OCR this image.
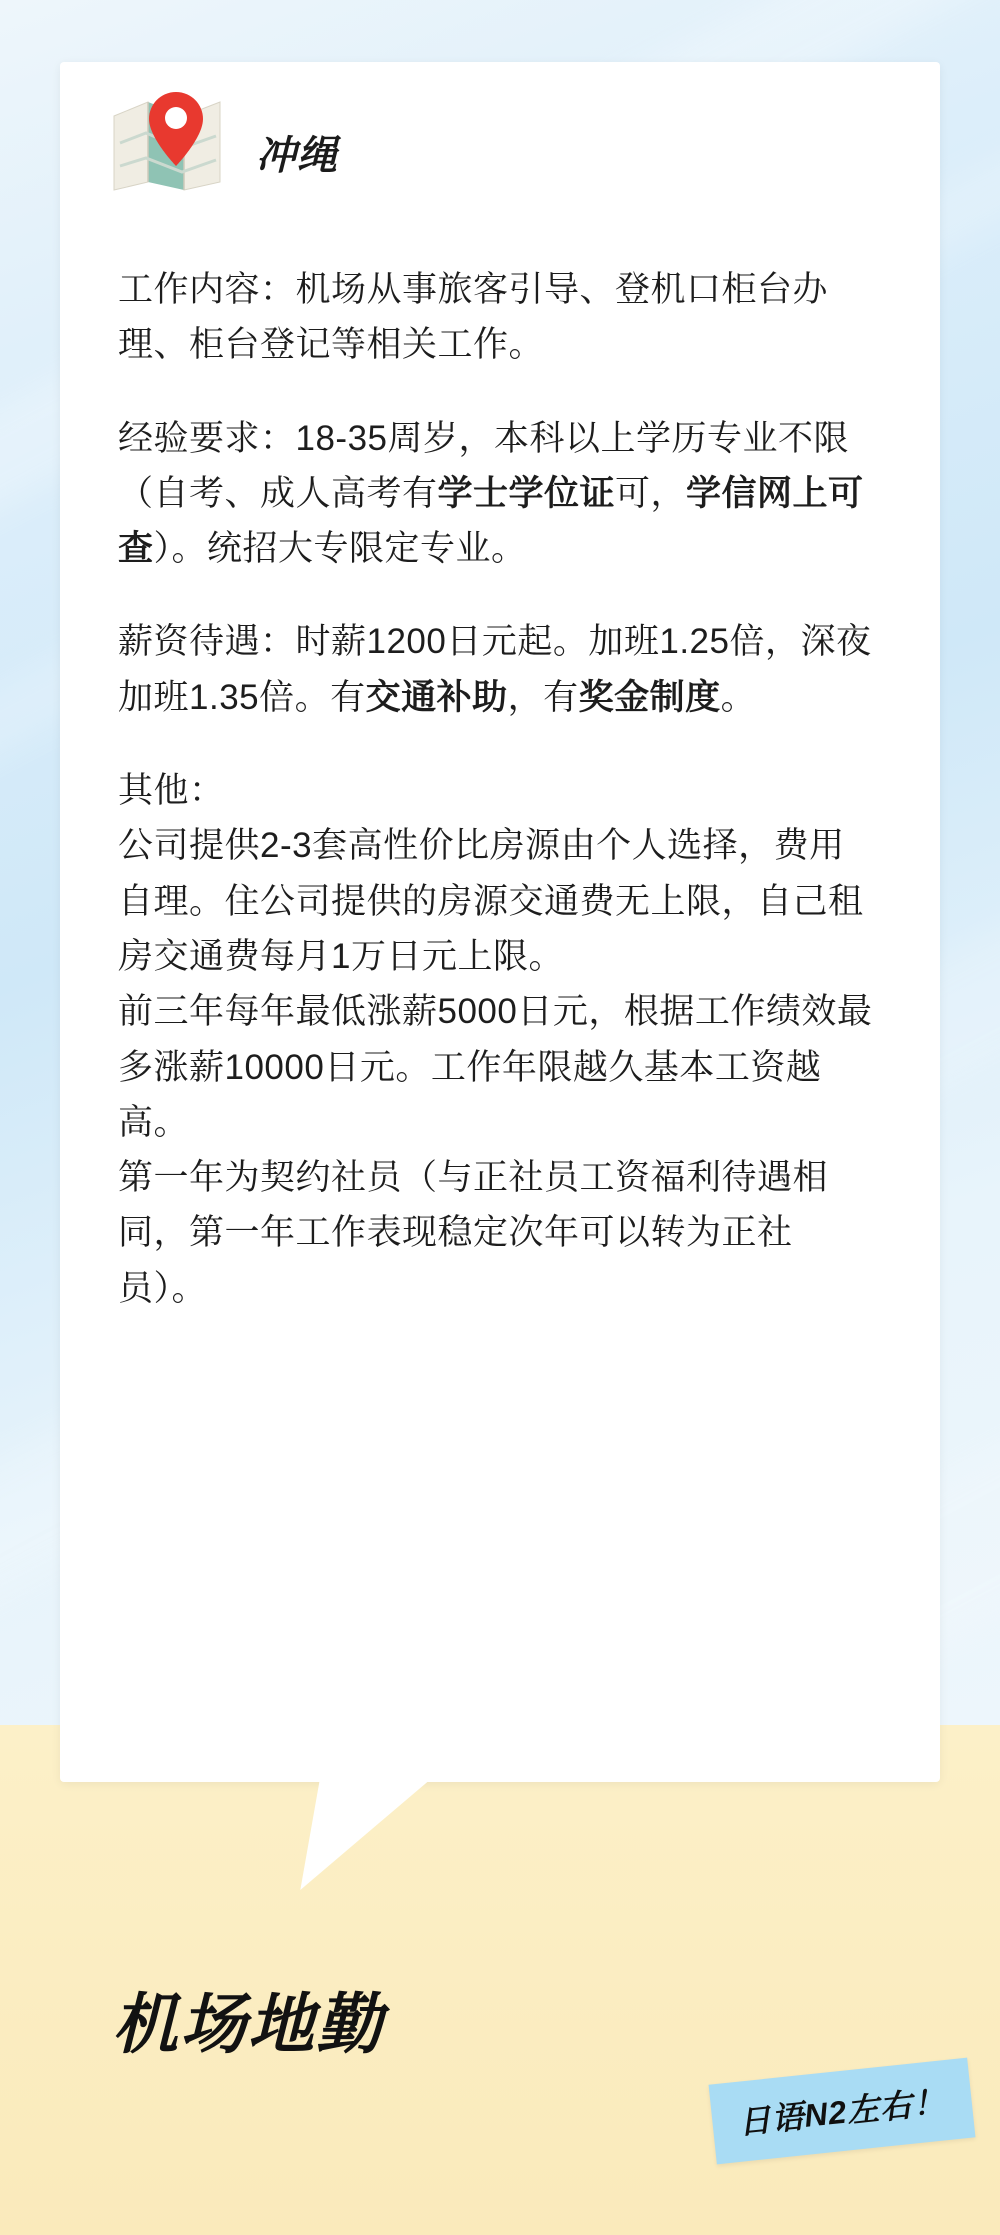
冲绳

工作内容：机场从事旅客引导、登机口柜台办理、柜台登记等相关工作。

经验要求：18-35周岁，本科以上学历专业不限（自考、成人高考有学士学位证可，学信网上可查）。统招大专限定专业。

薪资待遇：时薪1200日元起。加班1.25倍，深夜加班1.35倍。有交通补助，有奖金制度。

其他：

公司提供2-3套高性价比房源由个人选择，费用自理。住公司提供的房源交通费无上限，自己租房交通费每月1万日元上限。

前三年每年最低涨薪5000日元，根据工作绩效最多涨薪10000日元。工作年限越久基本工资越高。

第一年为契约社员（与正社员工资福利待遇相同，第一年工作表现稳定次年可以转为正社员）。

机场地勤
日语N2左右！
